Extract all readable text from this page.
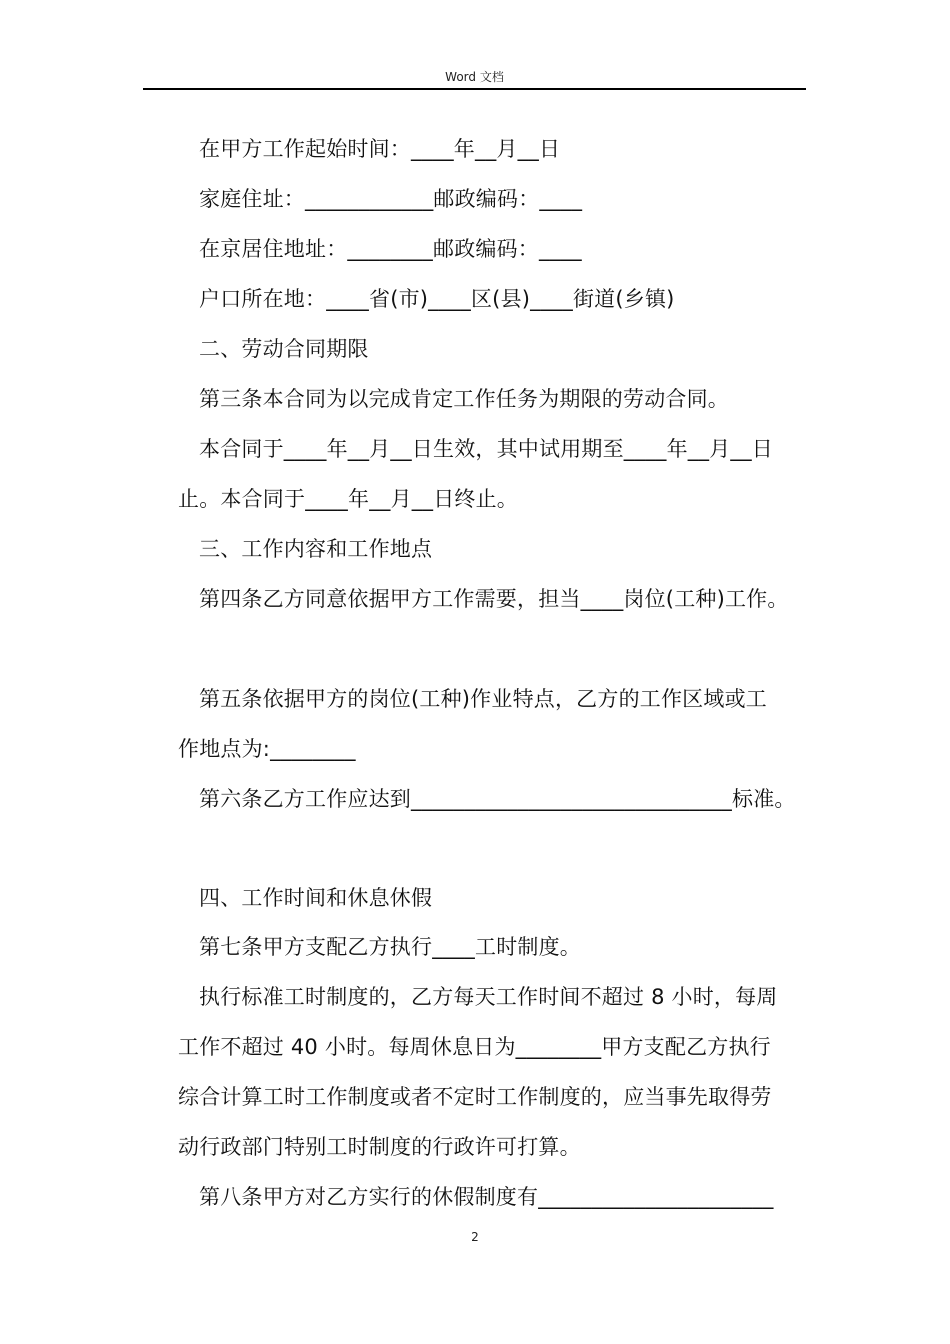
Word 文档
在甲方工作起始时间：____年__月__日
家庭住址：____________邮政编码：____
在京居住地址：________邮政编码：____
户口所在地：____省(市)____区(县)____街道(乡镇)
二、劳动合同期限
第三条本合同为以完成肯定工作任务为期限的劳动合同。
本合同于____年__月__日生效，其中试用期至____年__月__日
止。本合同于____年__月__日终止。
三、工作内容和工作地点
第四条乙方同意依据甲方工作需要，担当____岗位(工种)工作。
第五条依据甲方的岗位(工种)作业特点，乙方的工作区域或工
作地点为:________
第六条乙方工作应达到______________________________标准。
四、工作时间和休息休假
第七条甲方支配乙方执行____工时制度。
执行标准工时制度的，乙方每天工作时间不超过 8 小时，每周
工作不超过 40 小时。每周休息日为________甲方支配乙方执行
综合计算工时工作制度或者不定时工作制度的，应当事先取得劳
动行政部门特别工时制度的行政许可打算。
第八条甲方对乙方实行的休假制度有______________________
2
